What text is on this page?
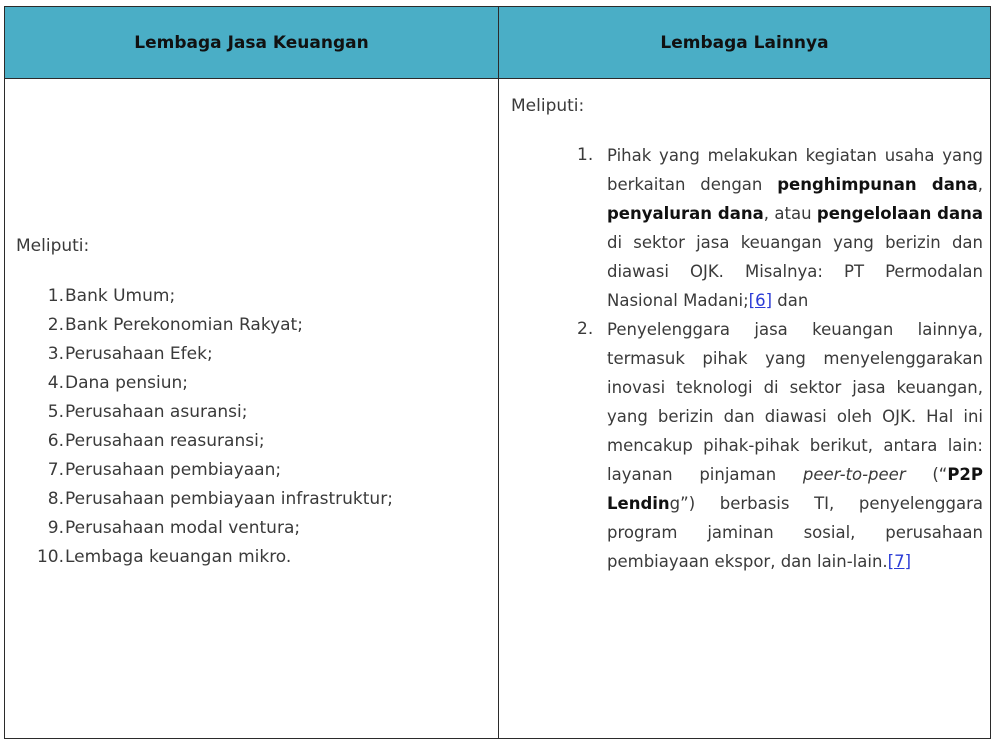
Lembaga Jasa Keuangan	Lembaga Lainnya

Meliputi:

1. Bank Umum;
2. Bank Perekonomian Rakyat;
3. Perusahaan Efek;
4. Dana pensiun;
5. Perusahaan asuransi;
6. Perusahaan reasuransi;
7. Perusahaan pembiayaan;
8. Perusahaan pembiayaan infrastruktur;
9. Perusahaan modal ventura;
10. Lembaga keuangan mikro.

Meliputi:

1. Pihak yang melakukan kegiatan usaha yang berkaitan dengan penghimpunan dana, penyaluran dana, atau pengelolaan dana di sektor jasa keuangan yang berizin dan diawasi OJK. Misalnya: PT Permodalan Nasional Madani;[6] dan
2. Penyelenggara jasa keuangan lainnya, termasuk pihak yang menyelenggarakan inovasi teknologi di sektor jasa keuangan, yang berizin dan diawasi oleh OJK. Hal ini mencakup pihak-pihak berikut, antara lain: layanan pinjaman peer-to-peer (“P2P Lending”) berbasis TI, penyelenggara program jaminan sosial, perusahaan pembiayaan ekspor, dan lain-lain.[7]
